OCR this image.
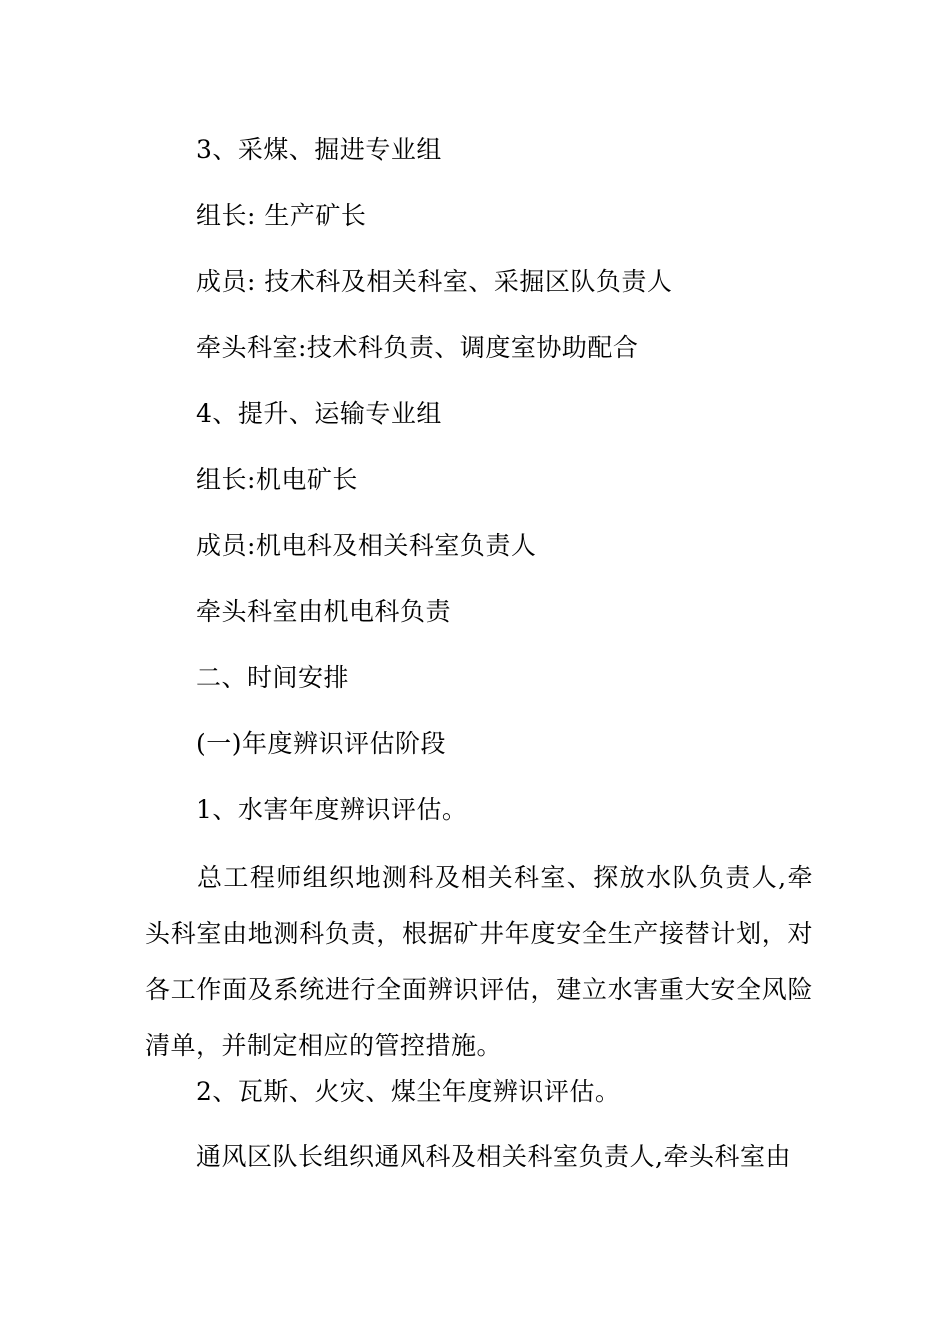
3、采煤、掘进专业组
组长: 生产矿长
成员: 技术科及相关科室、采掘区队负责人
牵头科室:技术科负责、调度室协助配合
4、提升、运输专业组
组长:机电矿长
成员:机电科及相关科室负责人
牵头科室由机电科负责
二、时间安排
(一)年度辨识评估阶段
1、水害年度辨识评估。
总工程师组织地测科及相关科室、探放水队负责人,牵头科室由地测科负责，根据矿井年度安全生产接替计划，对各工作面及系统进行全面辨识评估，建立水害重大安全风险清单，并制定相应的管控措施。
2、瓦斯、火灾、煤尘年度辨识评估。
通风区队长组织通风科及相关科室负责人,牵头科室由
